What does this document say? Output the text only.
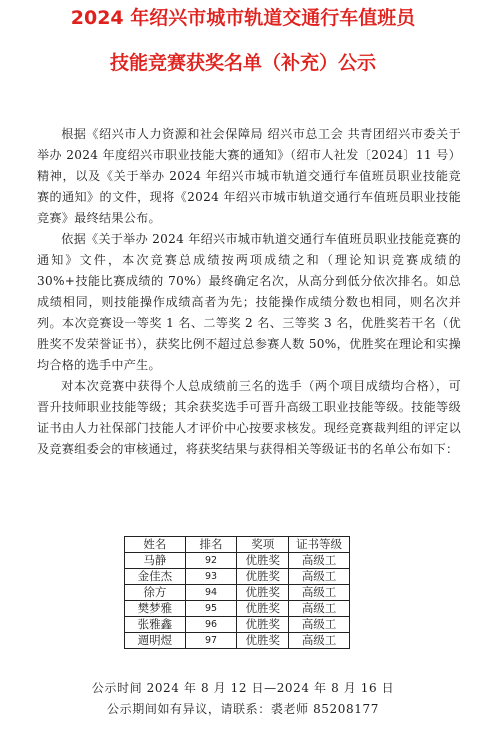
2024 年绍兴市城市轨道交通行车值班员
技能竞赛获奖名单（补充）公示

根据《绍兴市人力资源和社会保障局 绍兴市总工会 共青团绍兴市委关于举办 2024 年度绍兴市职业技能大赛的通知》（绍市人社发〔2024〕11 号）精神，以及《关于举办 2024 年绍兴市城市轨道交通行车值班员职业技能竞赛的通知》的文件，现将《2024 年绍兴市城市轨道交通行车值班员职业技能竞赛》最终结果公布。

依据《关于举办 2024 年绍兴市城市轨道交通行车值班员职业技能竞赛的通知》文件，本次竞赛总成绩按两项成绩之和（理论知识竞赛成绩的 30%+技能比赛成绩的 70%）最终确定名次，从高分到低分依次排名。如总成绩相同，则技能操作成绩高者为先；技能操作成绩分数也相同，则名次并列。本次竞赛设一等奖 1 名、二等奖 2 名、三等奖 3 名，优胜奖若干名（优胜奖不发荣誉证书），获奖比例不超过总参赛人数 50%，优胜奖在理论和实操均合格的选手中产生。

对本次竞赛中获得个人总成绩前三名的选手（两个项目成绩均合格），可晋升技师职业技能等级；其余获奖选手可晋升高级工职业技能等级。技能等级证书由人力社保部门技能人才评价中心按要求核发。现经竞赛裁判组的评定以及竞赛组委会的审核通过，将获奖结果与获得相关等级证书的名单公布如下：

姓名	排名	奖项	证书等级
马静	92	优胜奖	高级工
金佳杰	93	优胜奖	高级工
徐方	94	优胜奖	高级工
樊梦雅	95	优胜奖	高级工
张雅鑫	96	优胜奖	高级工
週明煜	97	优胜奖	高级工
公示时间 2024 年 8 月 12 日—2024 年 8 月 16 日
公示期间如有异议，请联系：裘老师 85208177
